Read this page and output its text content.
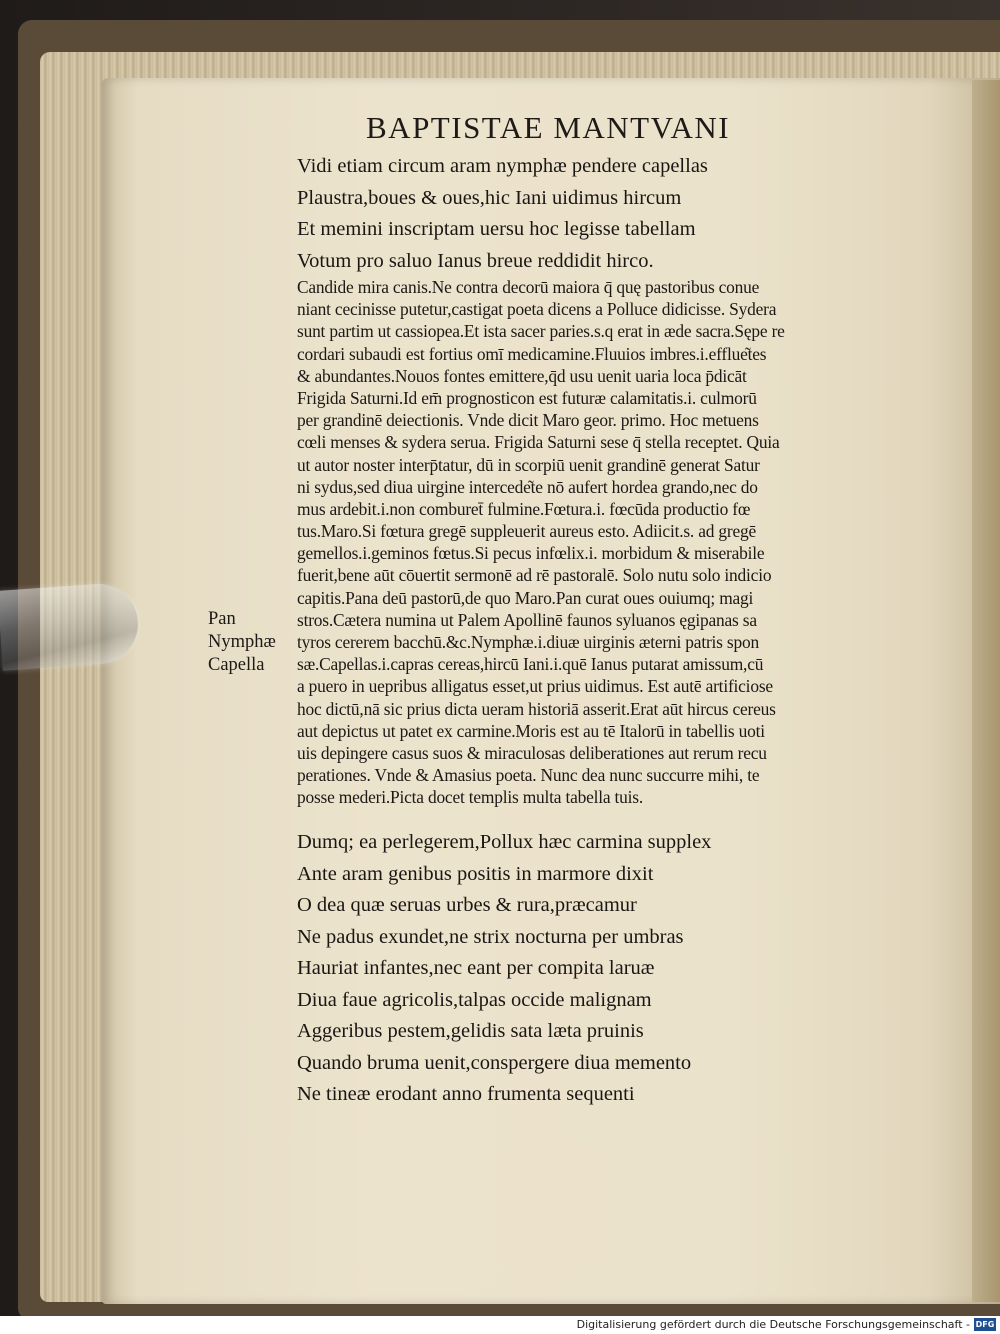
BAPTISTAE MANTVANI
Vidi etiam circum aram nymphæ pendere capellas
Plaustra,boues & oues,hic Iani uidimus hircum
Et memini inscriptam uersu hoc legisse tabellam
Votum pro saluo Ianus breue reddidit hirco.
Candide mira canis.Ne contra decorū maiora q̄ quę pastoribus conue
niant cecinisse putetur,castigat poeta dicens a Polluce didicisse. Sydera
sunt partim ut cassiopea.Et ista sacer paries.s.q erat in æde sacra.Sępe re
cordari subaudi est fortius omī medicamine.Fluuios imbres.i.efflue͂tes
& abundantes.Nouos fontes emittere,q̄d usu uenit uaria loca p̄dicāt
Frigida Saturni.Id em̄ prognosticon est futuræ calamitatis.i. culmorū
per grandinē deiectionis. Vnde dicit Maro geor. primo. Hoc metuens
cœli menses & sydera serua. Frigida Saturni sese q̄ stella receptet. Quia
ut autor noster interp̄tatur, dū in scorpiū uenit grandinē generat Satur
ni sydus,sed diua uirgine intercede͂te nō aufert hordea grando,nec do
mus ardebit.i.non comburet̄ fulmine.Fœtura.i. fœcūda productio fœ
tus.Maro.Si fœtura gregē suppleuerit aureus esto. Adiicit.s. ad gregē
gemellos.i.geminos fœtus.Si pecus infœlix.i. morbidum & miserabile
fuerit,bene aūt cōuertit sermonē ad rē pastoralē. Solo nutu solo indicio
capitis.Pana deū pastorū,de quo Maro.Pan curat oues ouiumq; magi
stros.Cætera numina ut Palem Apollinē faunos syluanos ęgipanas sa
tyros cererem bacchū.&c.Nymphæ.i.diuæ uirginis æterni patris spon
sæ.Capellas.i.capras cereas,hircū Iani.i.quē Ianus putarat amissum,cū
a puero in uepribus alligatus esset,ut prius uidimus. Est autē artificiose
hoc dictū,nā sic prius dicta ueram historiā asserit.Erat aūt hircus cereus
aut depictus ut patet ex carmine.Moris est au tē Italorū in tabellis uoti
uis depingere casus suos & miraculosas deliberationes aut rerum recu
perationes. Vnde & Amasius poeta. Nunc dea nunc succurre mihi, te
posse mederi.Picta docet templis multa tabella tuis.
Pan
Nymphæ
Capella
Dumq; ea perlegerem,Pollux hæc carmina supplex
Ante aram genibus positis in marmore dixit
O dea quæ seruas urbes & rura,præcamur
Ne padus exundet,ne strix nocturna per umbras
Hauriat infantes,nec eant per compita laruæ
Diua faue agricolis,talpas occide malignam
Aggeribus pestem,gelidis sata læta pruinis
Quando bruma uenit,conspergere diua memento
Ne tineæ erodant anno frumenta sequenti
Digitalisierung gefördert durch die Deutsche Forschungsgemeinschaft - DFG
